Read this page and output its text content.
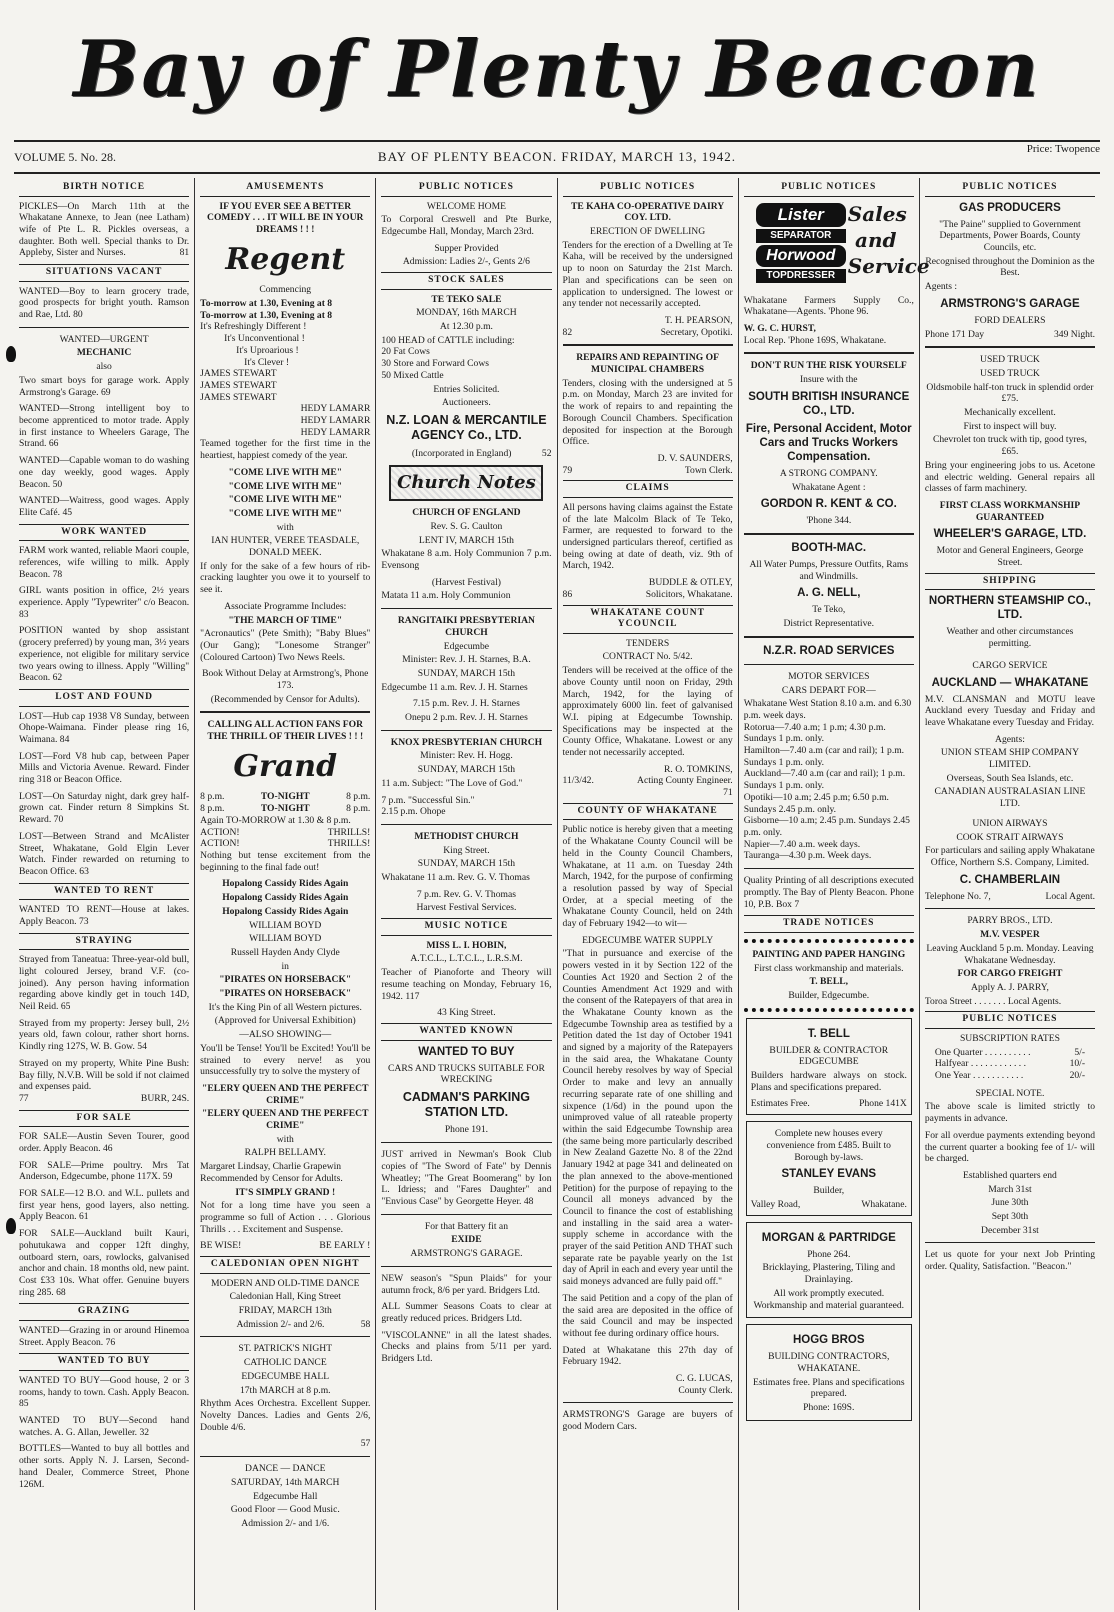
Bay of Plenty Beacon
VOLUME 5. No. 28.	BAY OF PLENTY BEACON. FRIDAY, MARCH 13, 1942.	Price: Twopence
BIRTH NOTICE
PICKLES—On March 11th at the Whakatane Annexe, to Jean (nee Latham) wife of Pte L. R. Pickles overseas, a daughter. Both well. Special thanks to Dr. Appleby, Sister and Nurses.	81
SITUATIONS VACANT
WANTED—Boy to learn grocery trade, good prospects for bright youth. Ramson and Rae, Ltd. 80
WANTED—URGENT
MECHANIC
also
Two smart boys for garage work. Apply Armstrong's Garage. 69
WANTED—Strong intelligent boy to become apprenticed to motor trade. Apply in first instance to Wheelers Garage, The Strand. 66
WANTED—Capable woman to do washing one day weekly, good wages. Apply Beacon. 50
WANTED—Waitress, good wages. Apply Elite Café. 45
WORK WANTED
FARM work wanted, reliable Maori couple, references, wife willing to milk. Apply Beacon. 78
GIRL wants position in office, 2½ years experience. Apply "Typewriter" c/o Beacon. 83
POSITION wanted by shop assistant (grocery preferred) by young man, 3½ years experience, not eligible for military service two years owing to illness. Apply "Willing" Beacon. 62
LOST AND FOUND
LOST—Hub cap 1938 V8 Sunday, between Ohope-Waimana. Finder please ring 16, Waimana. 84
LOST—Ford V8 hub cap, between Paper Mills and Victoria Avenue. Reward. Finder ring 318 or Beacon Office.
LOST—On Saturday night, dark grey half-grown cat. Finder return 8 Simpkins St. Reward. 70
LOST—Between Strand and McAlister Street, Whakatane, Gold Elgin Lever Watch. Finder rewarded on returning to Beacon Office. 63
WANTED TO RENT
WANTED TO RENT—House at lakes. Apply Beacon. 73
STRAYING
Strayed from Taneatua: Three-year-old bull, light coloured Jersey, brand V.F. (co-joined). Any person having information regarding above kindly get in touch 14D, Neil Reid. 65
Strayed from my property: Jersey bull, 2½ years old, fawn colour, rather short horns. Kindly ring 127S, W. B. Gow. 54
Strayed on my property, White Pine Bush: Bay filly, N.V.B. Will be sold if not claimed and expenses paid.
77	BURR, 24S.
FOR SALE
FOR SALE—Austin Seven Tourer, good order. Apply Beacon. 46
FOR SALE—Prime poultry. Mrs Tat Anderson, Edgecumbe, phone 117X. 59
FOR SALE—12 B.O. and W.L. pullets and first year hens, good layers, also netting. Apply Beacon. 61
FOR SALE—Auckland built Kauri, pohutukawa and copper 12ft dinghy, outboard stern, oars, rowlocks, galvanised anchor and chain. 18 months old, new paint. Cost £33 10s. What offer. Genuine buyers ring 285. 68
GRAZING
WANTED—Grazing in or around Hinemoa Street. Apply Beacon. 76
WANTED TO BUY
WANTED TO BUY—Good house, 2 or 3 rooms, handy to town. Cash. Apply Beacon. 85
WANTED TO BUY—Second hand watches. A. G. Allan, Jeweller. 32
BOTTLES—Wanted to buy all bottles and other sorts. Apply N. J. Larsen, Second-hand Dealer, Commerce Street, Phone 126M.
AMUSEMENTS
IF YOU EVER SEE A BETTER COMEDY . . . IT WILL BE IN YOUR DREAMS ! ! !
Regent
Commencing
To-morrow at 1.30, Evening at 8
To-morrow at 1.30, Evening at 8
It's Refreshingly Different !
It's Unconventional !
It's Uproarious !
It's Clever !
JAMES STEWART
JAMES STEWART
JAMES STEWART
HEDY LAMARR
HEDY LAMARR
HEDY LAMARR
Teamed together for the first time in the heartiest, happiest comedy of the year.
"COME LIVE WITH ME"
"COME LIVE WITH ME"
"COME LIVE WITH ME"
"COME LIVE WITH ME"
with
IAN HUNTER, VEREE TEASDALE, DONALD MEEK.
If only for the sake of a few hours of rib-cracking laughter you owe it to yourself to see it.
Associate Programme Includes:
"THE MARCH OF TIME"
"Acronautics" (Pete Smith); "Baby Blues" (Our Gang); "Lonesome Stranger" (Coloured Cartoon) Two News Reels.
Book Without Delay at Armstrong's, Phone 173.
(Recommended by Censor for Adults).
CALLING ALL ACTION FANS FOR THE THRILL OF THEIR LIVES ! ! !
Grand
8 p.m.	TO-NIGHT	8 p.m.
8 p.m.	TO-NIGHT	8 p.m.
Again TO-MORROW at 1.30 & 8 p.m.
ACTION!	THRILLS!
ACTION!	THRILLS!
Nothing but tense excitement from the beginning to the final fade out!
Hopalong Cassidy Rides Again
Hopalong Cassidy Rides Again
Hopalong Cassidy Rides Again
WILLIAM BOYD
WILLIAM BOYD
Russell Hayden Andy Clyde
in
"PIRATES ON HORSEBACK"
"PIRATES ON HORSEBACK"
It's the King Pin of all Western pictures.
(Approved for Universal Exhibition)
—ALSO SHOWING—
You'll be Tense! You'll be Excited! You'll be strained to every nerve! as you unsuccessfully try to solve the mystery of
"ELERY QUEEN AND THE PERFECT CRIME"
"ELERY QUEEN AND THE PERFECT CRIME"
with
RALPH BELLAMY.
Margaret Lindsay, Charlie Grapewin
Recommended by Censor for Adults.
IT'S SIMPLY GRAND !
Not for a long time have you seen a programme so full of Action . . . Glorious Thrills . . . Excitement and Suspense.
BE WISE!	BE EARLY !
CALEDONIAN OPEN NIGHT
MODERN AND OLD-TIME DANCE
Caledonian Hall, King Street
FRIDAY, MARCH 13th
Admission 2/- and 2/6.	58
ST. PATRICK'S NIGHT
CATHOLIC DANCE
EDGECUMBE HALL
17th MARCH at 8 p.m.
Rhythm Aces Orchestra. Excellent Supper. Novelty Dances. Ladies and Gents 2/6, Double 4/6.
57
DANCE — DANCE
SATURDAY, 14th MARCH
Edgecumbe Hall
Good Floor — Good Music.
Admission 2/- and 1/6.
PUBLIC NOTICES
WELCOME HOME
To Corporal Creswell and Pte Burke, Edgecumbe Hall, Monday, March 23rd.
Supper Provided
Admission: Ladies 2/-, Gents 2/6
STOCK SALES
TE TEKO SALE
MONDAY, 16th MARCH
At 12.30 p.m.
100 HEAD of CATTLE including:
20 Fat Cows
30 Store and Forward Cows
50 Mixed Cattle
Entries Solicited.
Auctioneers.
N.Z. LOAN & MERCANTILE AGENCY Co., LTD.
(Incorporated in England)	52
Church Notes
CHURCH OF ENGLAND
Rev. S. G. Caulton
LENT IV, MARCH 15th
Whakatane 8 a.m. Holy Communion 7 p.m. Evensong
(Harvest Festival)
Matata 11 a.m. Holy Communion
RANGITAIKI PRESBYTERIAN CHURCH
Edgecumbe
Minister: Rev. J. H. Starnes, B.A.
SUNDAY, MARCH 15th
Edgecumbe 11 a.m. Rev. J. H. Starnes
7.15 p.m. Rev. J. H. Starnes
Onepu 2 p.m. Rev. J. H. Starnes
KNOX PRESBYTERIAN CHURCH
Minister: Rev. H. Hogg.
SUNDAY, MARCH 15th
11 a.m. Subject: "The Love of God."
7 p.m. "Successful Sin."
2.15 p.m. Ohope
METHODIST CHURCH
King Street.
SUNDAY, MARCH 15th
Whakatane 11 a.m. Rev. G. V. Thomas
7 p.m. Rev. G. V. Thomas
Harvest Festival Services.
MUSIC NOTICE
MISS L. I. HOBIN,
A.T.C.L., L.T.C.L., L.R.S.M.
Teacher of Pianoforte and Theory will resume teaching on Monday, February 16, 1942. 117
43 King Street.
WANTED KNOWN
WANTED TO BUY
CARS AND TRUCKS SUITABLE FOR WRECKING
CADMAN'S PARKING STATION LTD.
Phone 191.
JUST arrived in Newman's Book Club copies of "The Sword of Fate" by Dennis Wheatley; "The Great Boomerang" by Ion L. Idriess; and "Fares Daughter" and "Envious Case" by Georgette Heyer. 48
For that Battery fit an
EXIDE
ARMSTRONG'S GARAGE.
NEW season's "Spun Plaids" for your autumn frock, 8/6 per yard. Bridgers Ltd.
ALL Summer Seasons Coats to clear at greatly reduced prices. Bridgers Ltd.
"VISCOLANNE" in all the latest shades. Checks and plains from 5/11 per yard. Bridgers Ltd.
PUBLIC NOTICES
TE KAHA CO-OPERATIVE DAIRY COY. LTD.
ERECTION OF DWELLING
Tenders for the erection of a Dwelling at Te Kaha, will be received by the undersigned up to noon on Saturday the 21st March. Plan and specifications can be seen on application to undersigned. The lowest or any tender not necessarily accepted.
T. H. PEARSON,
82	Secretary, Opotiki.
REPAIRS AND REPAINTING OF MUNICIPAL CHAMBERS
Tenders, closing with the undersigned at 5 p.m. on Monday, March 23 are invited for the work of repairs to and repainting the Borough Council Chambers. Specification deposited for inspection at the Borough Office.
D. V. SAUNDERS,
79	Town Clerk.
CLAIMS
All persons having claims against the Estate of the late Malcolm Black of Te Teko, Farmer, are requested to forward to the undersigned particulars thereof, certified as being owing at date of death, viz. 9th of March, 1942.
BUDDLE & OTLEY,
86	Solicitors, Whakatane.
WHAKATANE COUNT YCOUNCIL
TENDERS
CONTRACT No. 5/42.
Tenders will be received at the office of the above County until noon on Friday, 29th March, 1942, for the laying of approximately 6000 lin. feet of galvanised W.I. piping at Edgecumbe Township. Specifications may be inspected at the County Office, Whakatane. Lowest or any tender not necessarily accepted.
R. O. TOMKINS,
11/3/42.	Acting County Engineer.
71
COUNTY OF WHAKATANE
Public notice is hereby given that a meeting of the Whakatane County Council will be held in the County Council Chambers, Whakatane, at 11 a.m. on Tuesday 24th March, 1942, for the purpose of confirming a resolution passed by way of Special Order, at a special meeting of the Whakatane County Council, held on 24th day of February 1942—to wit—
EDGECUMBE WATER SUPPLY
"That in pursuance and exercise of the powers vested in it by Section 122 of the Counties Act 1920 and Section 2 of the Counties Amendment Act 1929 and with the consent of the Ratepayers of that area in the Whakatane County known as the Edgecumbe Township area as testified by a Petition dated the 1st day of October 1941 and signed by a majority of the Ratepayers in the said area, the Whakatane County Council hereby resolves by way of Special Order to make and levy an annually recurring separate rate of one shilling and sixpence (1/6d) in the pound upon the unimproved value of all rateable property within the said Edgecumbe Township area (the same being more particularly described in New Zealand Gazette No. 8 of the 22nd January 1942 at page 341 and delineated on the plan annexed to the above-mentioned Petition) for the purpose of repaying to the Council all moneys advanced by the Council to finance the cost of establishing and installing in the said area a water-supply scheme in accordance with the prayer of the said Petition AND THAT such separate rate be payable yearly on the 1st day of April in each and every year until the said moneys advanced are fully paid off."
The said Petition and a copy of the plan of the said area are deposited in the office of the said Council and may be inspected without fee during ordinary office hours.
Dated at Whakatane this 27th day of February 1942.
C. G. LUCAS,
County Clerk.
ARMSTRONG'S Garage are buyers of good Modern Cars.
PUBLIC NOTICES
Lister
SEPARATOR
Horwood
TOPDRESSER
Sales and Service
Whakatane Farmers Supply Co., Whakatane—Agents. 'Phone 96.
W. G. C. HURST,
Local Rep. 'Phone 169S, Whakatane.
DON'T RUN THE RISK YOURSELF
Insure with the
SOUTH BRITISH INSURANCE CO., LTD.
Fire, Personal Accident, Motor Cars and Trucks Workers Compensation.
A STRONG COMPANY.
Whakatane Agent :
GORDON R. KENT & CO.
'Phone 344.
BOOTH-MAC.
All Water Pumps, Pressure Outfits, Rams and Windmills.
A. G. NELL,
Te Teko,
District Representative.
N.Z.R. ROAD SERVICES
MOTOR SERVICES
CARS DEPART FOR—
Whakatane West Station 8.10 a.m. and 6.30 p.m. week days.
Rotorua—7.40 a.m; 1 p.m; 4.30 p.m. Sundays 1 p.m. only.
Hamilton—7.40 a.m (car and rail); 1 p.m. Sundays 1 p.m. only.
Auckland—7.40 a.m (car and rail); 1 p.m. Sundays 1 p.m. only.
Opotiki—10 a.m; 2.45 p.m; 6.50 p.m. Sundays 2.45 p.m. only.
Gisborne—10 a.m; 2.45 p.m. Sundays 2.45 p.m. only.
Napier—7.40 a.m. week days.
Tauranga—4.30 p.m. Week days.
Quality Printing of all descriptions executed promptly. The Bay of Plenty Beacon. Phone 10, P.B. Box 7
TRADE NOTICES
PAINTING AND PAPER HANGING
First class workmanship and materials.
T. BELL,
Builder, Edgecumbe.
T. BELL
BUILDER & CONTRACTOR EDGECUMBE
Builders hardware always on stock. Plans and specifications prepared.
Estimates Free.	Phone 141X
Complete new houses every convenience from £485. Built to Borough by-laws.
STANLEY EVANS
Builder,
Valley Road,	Whakatane.
MORGAN & PARTRIDGE
Phone 264.
Bricklaying, Plastering, Tiling and Drainlaying.
All work promptly executed. Workmanship and material guaranteed.
HOGG BROS
BUILDING CONTRACTORS, WHAKATANE.
Estimates free. Plans and specifications prepared.
Phone: 169S.
PUBLIC NOTICES
GAS PRODUCERS
"The Paine" supplied to Government Departments, Power Boards, County Councils, etc.
Recognised throughout the Dominion as the Best.
Agents :
ARMSTRONG'S GARAGE
FORD DEALERS
Phone 171 Day	349 Night.
USED TRUCK
USED TRUCK
Oldsmobile half-ton truck in splendid order £75.
Mechanically excellent.
First to inspect will buy.
Chevrolet ton truck with tip, good tyres, £65.
Bring your engineering jobs to us. Acetone and electric welding. General repairs all classes of farm machinery.
FIRST CLASS WORKMANSHIP GUARANTEED
WHEELER'S GARAGE, LTD.
Motor and General Engineers, George Street.
SHIPPING
NORTHERN STEAMSHIP CO., LTD.
Weather and other circumstances permitting.
CARGO SERVICE
AUCKLAND — WHAKATANE
M.V. CLANSMAN and MOTU leave Auckland every Tuesday and Friday and leave Whakatane every Tuesday and Friday.
Agents:
UNION STEAM SHIP COMPANY LIMITED.
Overseas, South Sea Islands, etc.
CANADIAN AUSTRALASIAN LINE LTD.
UNION AIRWAYS
COOK STRAIT AIRWAYS
For particulars and sailing apply Whakatane Office, Northern S.S. Company, Limited.
C. CHAMBERLAIN
Telephone No. 7,	Local Agent.
PARRY BROS., LTD.
M.V. VESPER
Leaving Auckland 5 p.m. Monday. Leaving Whakatane Wednesday.
FOR CARGO FREIGHT
Apply A. J. PARRY,
Toroa Street . . . . . . . Local Agents.
PUBLIC NOTICES
SUBSCRIPTION RATES
One Quarter . . . . . . . . . .	5/-
Halfyear . . . . . . . . . . . .	10/-
One Year . . . . . . . . . . .	20/-
SPECIAL NOTE.
The above scale is limited strictly to payments in advance.
For all overdue payments extending beyond the current quarter a booking fee of 1/- will be charged.
Established quarters end
March 31st
June 30th
Sept 30th
December 31st
Let us quote for your next Job Printing order. Quality, Satisfaction. "Beacon."
